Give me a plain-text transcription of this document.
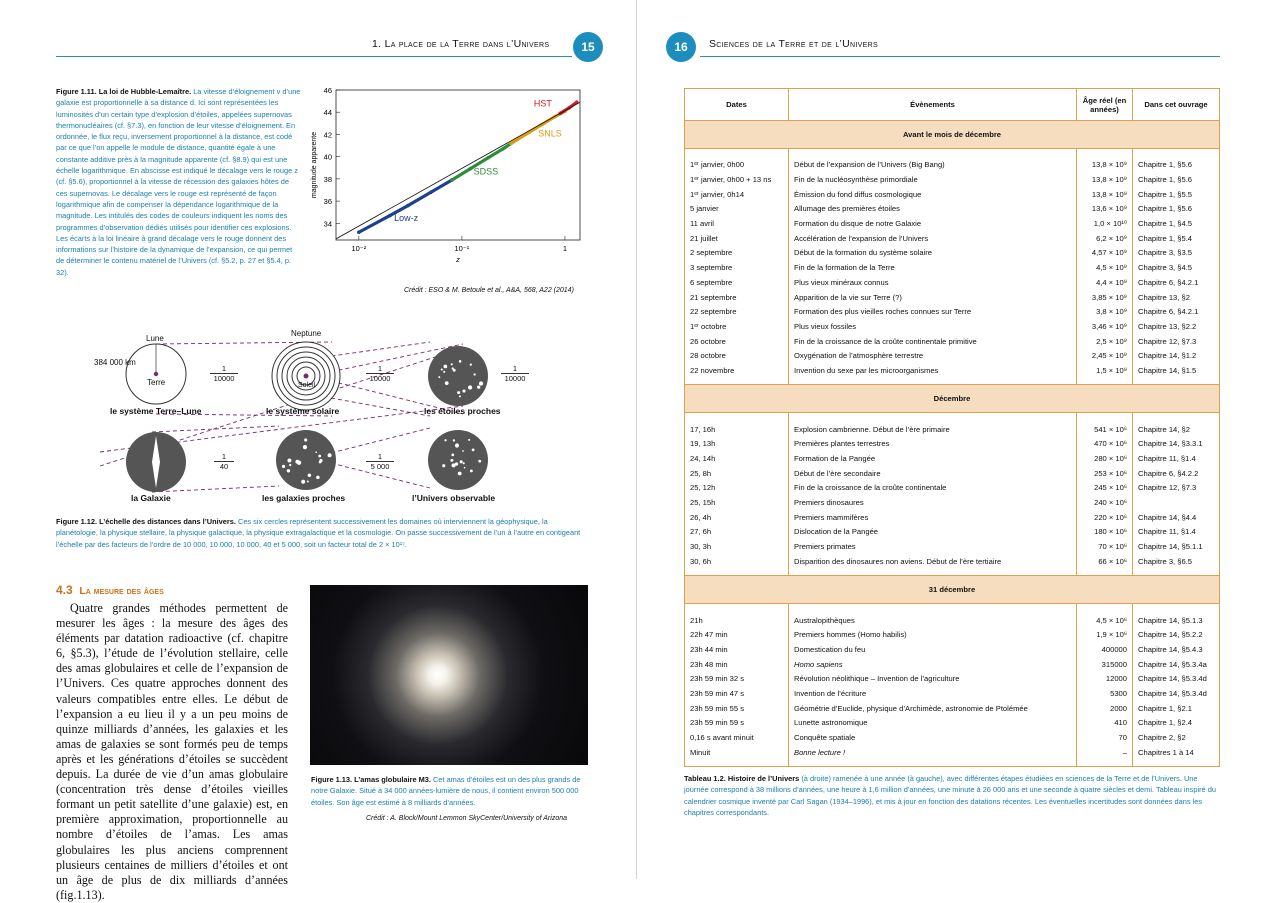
1. La place de la Terre dans l’Univers	15
Figure 1.11. La loi de Hubble-Lemaître. La vitesse d’éloignement v d’une galaxie est proportionnelle à sa distance d. Ici sont représentées les luminosités d’un certain type d’explosion d’étoiles, appelées supernovas thermonucléaires (cf. §7.3), en fonction de leur vitesse d’éloignement. En ordonnée, le flux reçu, inversement proportionnel à la distance, est codé par ce que l’on appelle le module de distance, quantité égale à une constante additive près à la magnitude apparente (cf. §8.9) qui est une échelle logarithmique. En abscisse est indiqué le décalage vers le rouge z (cf. §5.6), proportionnel à la vitesse de récession des galaxies hôtes de ces supernovas. Le décalage vers le rouge est représenté de façon logarithmique afin de compenser la dépendance logarithmique de la magnitude. Les intitulés des codes de couleurs indiquent les noms des programmes d’observation dédiés utilisés pour identifier ces explosions. Les écarts à la loi linéaire à grand décalage vers le rouge donnent des informations sur l’histoire de la dynamique de l’expansion, ce qui permet de déterminer le contenu matériel de l’Univers (cf. §5.2, p. 27 et §5.4, p. 32).
34
36
38
40
42
44
46
10⁻²	10⁻¹	1
z
magnitude apparente
Low-z
SDSS
SNLS
HST
Crédit : ESO & M. Betoule et al., A&A, 568, A22 (2014)
Lune
384 000 km
Terre
Neptune
Soleil
le système Terre–Lune	le système solaire	les étoiles proches
la Galaxie	les galaxies proches	l’Univers observable
$\frac{1}{10000}$	$\frac{1}{10000}$	$\frac{1}{10000}$
$\frac{1}{40}$	$\frac{1}{5 000}$
Figure 1.12. L’échelle des distances dans l’Univers. Ces six cercles représentent successivement les domaines où interviennent la géophysique, la planétologie, la physique stellaire, la physique galactique, la physique extragalactique et la cosmologie. On passe successivement de l’un à l’autre en contigeant l’échelle par des facteurs de l’ordre de 10 000, 10 000, 10 000, 40 et 5 000, soit un facteur total de 2 × 10¹⁷.
4.3 La mesure des âges
Quatre grandes méthodes permettent de mesurer les âges : la mesure des âges des éléments par datation radioactive (cf. chapitre 6, §5.3), l’étude de l’évolution stellaire, celle des amas globulaires et celle de l’expansion de l’Univers. Ces quatre approches donnent des valeurs compatibles entre elles. Le début de l’expansion a eu lieu il y a un peu moins de quinze milliards d’années, les galaxies et les amas de galaxies se sont formés peu de temps après et les générations d’étoiles se succèdent depuis. La durée de vie d’un amas globulaire (concentration très dense d’étoiles vieilles formant un petit satellite d’une galaxie) est, en première approximation, proportionnelle au nombre d’étoiles de l’amas. Les amas globulaires les plus anciens comprennent plusieurs centaines de milliers d’étoiles et ont un âge de plus de dix milliards d’années (fig.1.13).
Figure 1.13. L’amas globulaire M3. Cet amas d’étoiles est un des plus grands de notre Galaxie. Situé à 34 000 années-lumière de nous, il contient environ 500 000 étoiles. Son âge est estimé à 8 milliards d’années.
Crédit : A. Block/Mount Lemmon SkyCenter/University of Arizona
16	Sciences de la Terre et de l’Univers
Dates	Évènements	Âge réel (en années)	Dans cet ouvrage
Avant le mois de décembre			

1ᵉʳ janvier, 0h00	Début de l’expansion de l’Univers (Big Bang)	13,8 × 10⁹	Chapitre 1, §5.6
1ᵉʳ janvier, 0h00 + 13 ns	Fin de la nucléosynthèse primordiale	13,8 × 10⁹	Chapitre 1, §5.6
1ᵉʳ janvier, 0h14	Émission du fond diffus cosmologique	13,8 × 10⁹	Chapitre 1, §5.5
5 janvier	Allumage des premières étoiles	13,6 × 10⁹	Chapitre 1, §5.6
11 avril	Formation du disque de notre Galaxie	1,0 × 10¹⁰	Chapitre 1, §4.5
21 juillet	Accélération de l’expansion de l’Univers	6,2 × 10⁹	Chapitre 1, §5.4
2 septembre	Début de la formation du système solaire	4,57 × 10⁹	Chapitre 3, §3.5
3 septembre	Fin de la formation de la Terre	4,5 × 10⁹	Chapitre 3, §4.5
6 septembre	Plus vieux minéraux connus	4,4 × 10⁹	Chapitre 6, §4.2.1
21 septembre	Apparition de la vie sur Terre (?)	3,85 × 10⁹	Chapitre 13, §2
22 septembre	Formation des plus vieilles roches connues sur Terre	3,8 × 10⁹	Chapitre 6, §4.2.1
1ᵉʳ octobre	Plus vieux fossiles	3,46 × 10⁹	Chapitre 13, §2.2
26 octobre	Fin de la croissance de la croûte continentale primitive	2,5 × 10⁹	Chapitre 12, §7.3
28 octobre	Oxygénation de l’atmosphère terrestre	2,45 × 10⁹	Chapitre 14, §1.2
22 novembre	Invention du sexe par les microorganismes	1,5 × 10⁹	Chapitre 14, §1.5

Décembre			

17, 16h	Explosion cambrienne. Début de l’ère primaire	541 × 10⁶	Chapitre 14, §2
19, 13h	Premières plantes terrestres	470 × 10⁶	Chapitre 14, §3.3.1
24, 14h	Formation de la Pangée	280 × 10⁶	Chapitre 11, §1.4
25, 8h	Début de l’ère secondaire	253 × 10⁶	Chapitre 6, §4.2.2
25, 12h	Fin de la croissance de la croûte continentale	245 × 10⁶	Chapitre 12, §7.3
25, 15h	Premiers dinosaures	240 × 10⁶	
26, 4h	Premiers mammifères	220 × 10⁶	Chapitre 14, §4.4
27, 6h	Dislocation de la Pangée	180 × 10⁶	Chapitre 11, §1.4
30, 3h	Premiers primates	70 × 10⁶	Chapitre 14, §5.1.1
30, 6h	Disparition des dinosaures non aviens. Début de l’ère tertiaire	66 × 10⁶	Chapitre 3, §6.5

31 décembre			

21h	Australopithèques	4,5 × 10⁶	Chapitre 14, §5.1.3
22h 47 min	Premiers hommes (Homo habilis)	1,9 × 10⁶	Chapitre 14, §5.2.2
23h 44 min	Domestication du feu	400000	Chapitre 14, §5.4.3
23h 48 min	Homo sapiens	315000	Chapitre 14, §5.3.4a
23h 59 min 32 s	Révolution néolithique – Invention de l’agriculture	12000	Chapitre 14, §5.3.4d
23h 59 min 47 s	Invention de l’écriture	5300	Chapitre 14, §5.3.4d
23h 59 min 55 s	Géométrie d’Euclide, physique d’Archimède, astronomie de Ptolémée	2000	Chapitre 1, §2.1
23h 59 min 59 s	Lunette astronomique	410	Chapitre 1, §2.4
0,16 s avant minuit	Conquête spatiale	70	Chapitre 2, §2
Minuit	Bonne lecture !	–	Chapitres 1 à 14

Tableau 1.2. Histoire de l’Univers (à droite) ramenée à une année (à gauche), avec différentes étapes étudiées en sciences de la Terre et de l’Univers. Une journée correspond à 38 millions d’années, une heure à 1,6 million d’années, une minute à 26 000 ans et une seconde à quatre siècles et demi. Tableau inspiré du calendrier cosmique inventé par Carl Sagan (1934–1996), et mis à jour en fonction des datations récentes. Les éventuelles incertitudes sont données dans les chapitres correspondants.
